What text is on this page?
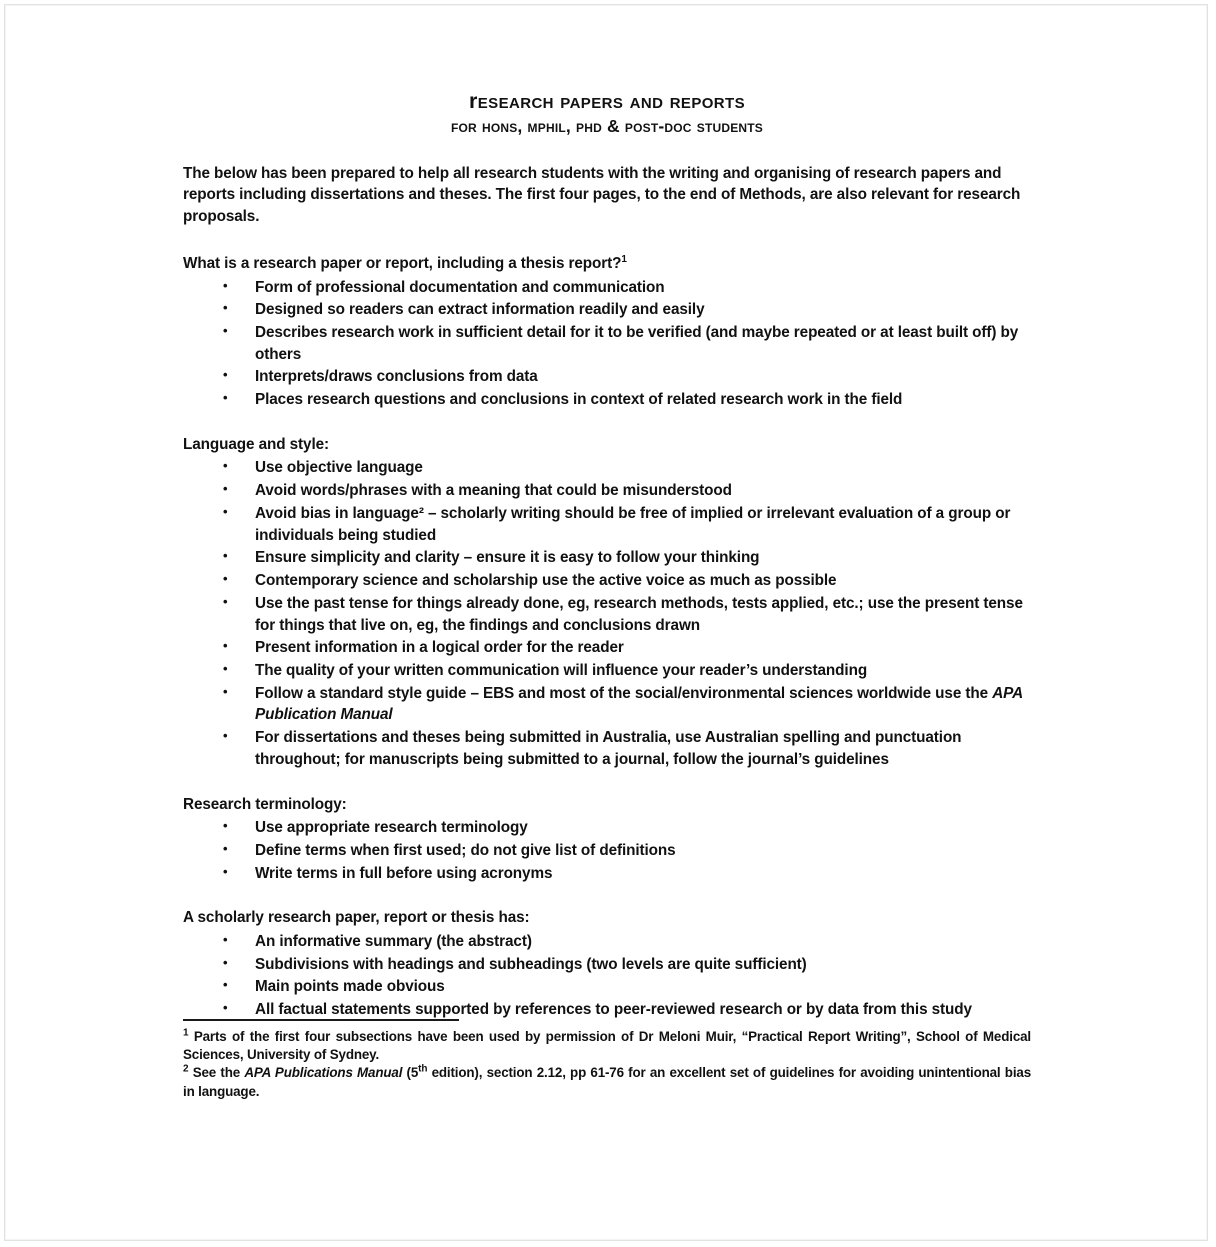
research papers and reports
for hons, mphil, phd & post-doc students

The below has been prepared to help all research students with the writing and organising of research papers and reports including dissertations and theses. The first four pages, to the end of Methods, are also relevant for research proposals.

What is a research paper or report, including a thesis report?$^1$
• Form of professional documentation and communication
• Designed so readers can extract information readily and easily
• Describes research work in sufficient detail for it to be verified (and maybe repeated or at least built off) by others
• Interprets/draws conclusions from data
• Places research questions and conclusions in context of related research work in the field
Language and style:
• Use objective language
• Avoid words/phrases with a meaning that could be misunderstood
• Avoid bias in language² – scholarly writing should be free of implied or irrelevant evaluation of a group or individuals being studied
• Ensure simplicity and clarity – ensure it is easy to follow your thinking
• Contemporary science and scholarship use the active voice as much as possible
• Use the past tense for things already done, eg, research methods, tests applied, etc.; use the present tense for things that live on, eg, the findings and conclusions drawn
• Present information in a logical order for the reader
• The quality of your written communication will influence your reader’s understanding
• Follow a standard style guide – EBS and most of the social/environmental sciences worldwide use the APA Publication Manual
• For dissertations and theses being submitted in Australia, use Australian spelling and punctuation throughout; for manuscripts being submitted to a journal, follow the journal’s guidelines
Research terminology:
• Use appropriate research terminology
• Define terms when first used; do not give list of definitions
• Write terms in full before using acronyms
A scholarly research paper, report or thesis has:
• An informative summary (the abstract)
• Subdivisions with headings and subheadings (two levels are quite sufficient)
• Main points made obvious
• All factual statements supported by references to peer-reviewed research or by data from this study

$^1$ Parts of the first four subsections have been used by permission of Dr Meloni Muir, “Practical Report Writing”, School of Medical Sciences, University of Sydney.

$^2$ See the APA Publications Manual (5th edition), section 2.12, pp 61-76 for an excellent set of guidelines for avoiding unintentional bias in language.
